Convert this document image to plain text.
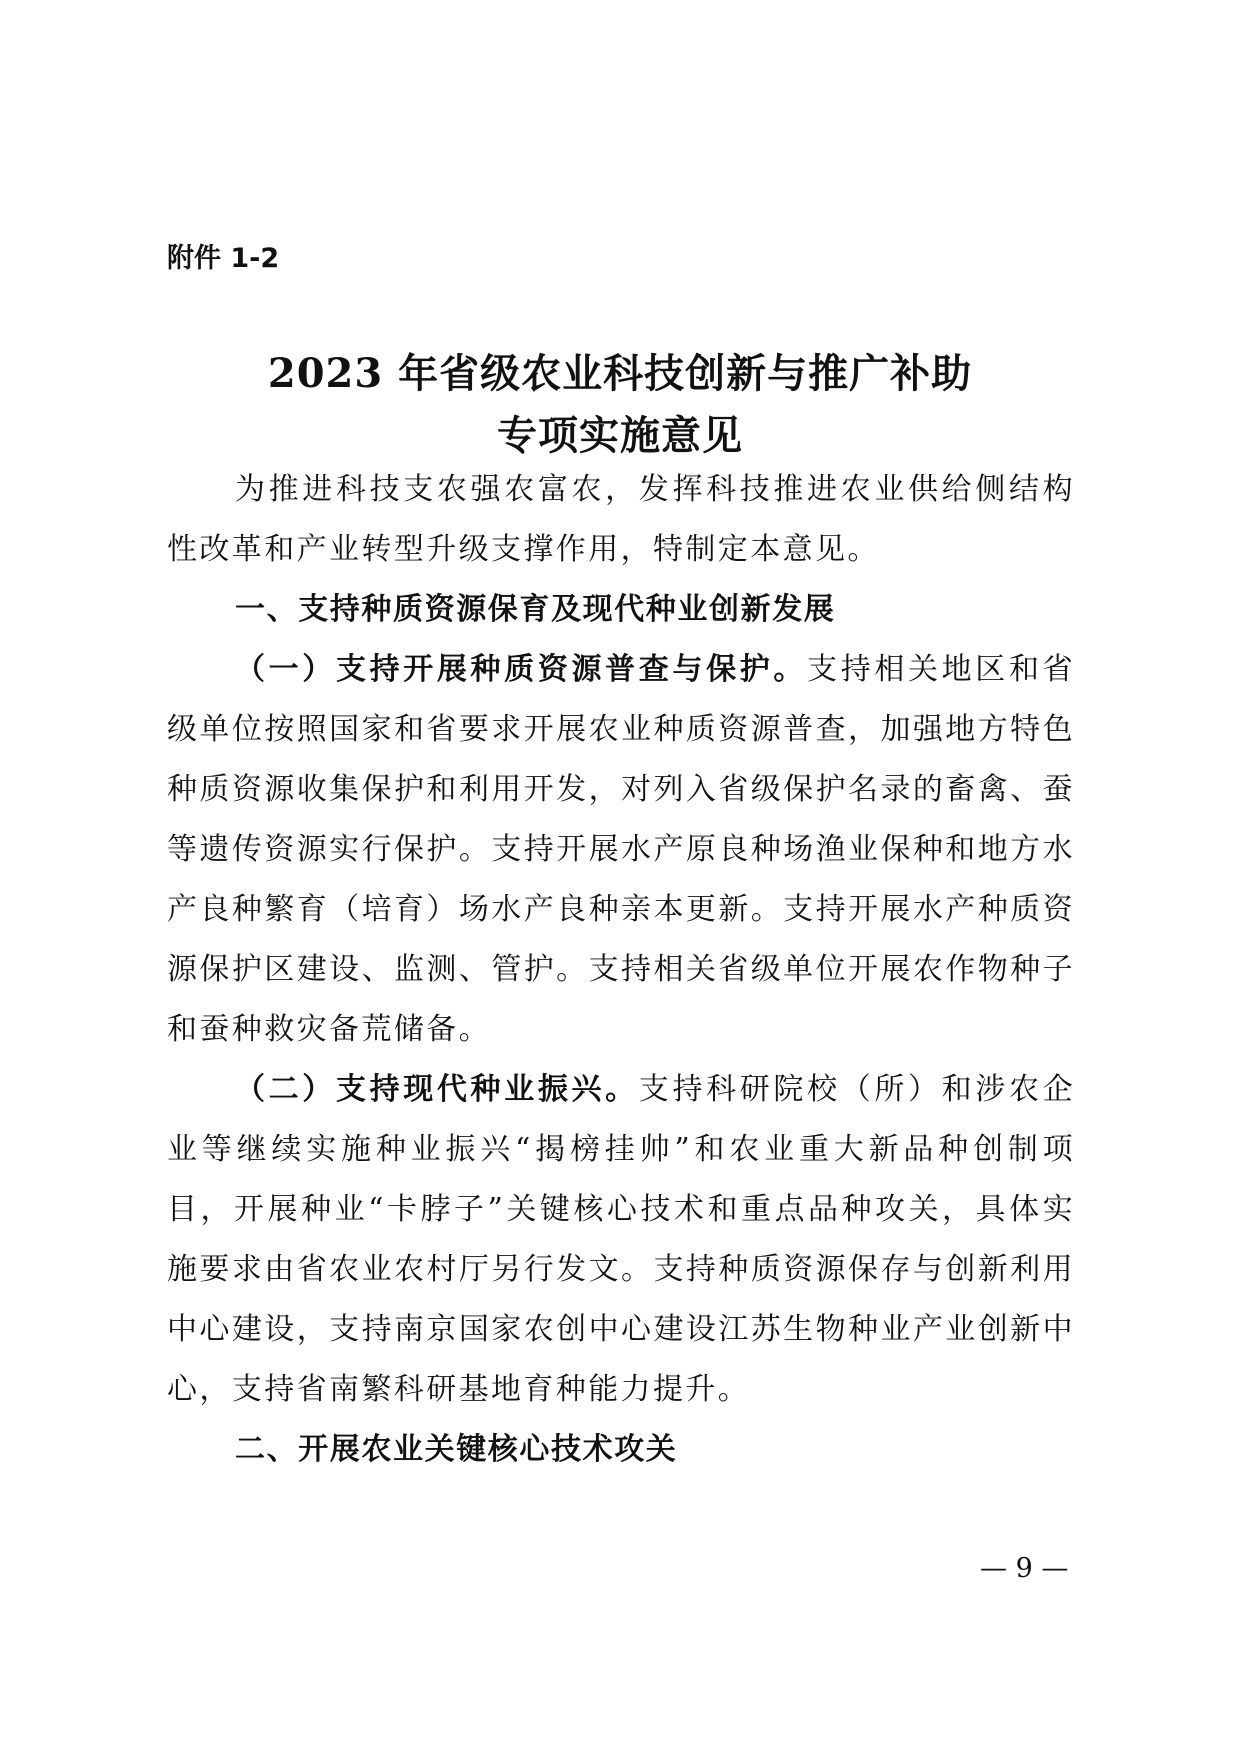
附件 1-2
2023 年省级农业科技创新与推广补助
专项实施意见

为推进科技支农强农富农，发挥科技推进农业供给侧结构性改革和产业转型升级支撑作用，特制定本意见。

一、支持种质资源保育及现代种业创新发展

（一）支持开展种质资源普查与保护。支持相关地区和省级单位按照国家和省要求开展农业种质资源普查，加强地方特色种质资源收集保护和利用开发，对列入省级保护名录的畜禽、蚕等遗传资源实行保护。支持开展水产原良种场渔业保种和地方水产良种繁育（培育）场水产良种亲本更新。支持开展水产种质资源保护区建设、监测、管护。支持相关省级单位开展农作物种子和蚕种救灾备荒储备。

（二）支持现代种业振兴。支持科研院校（所）和涉农企业等继续实施种业振兴“揭榜挂帅”和农业重大新品种创制项目，开展种业“卡脖子”关键核心技术和重点品种攻关，具体实施要求由省农业农村厅另行发文。支持种质资源保存与创新利用中心建设，支持南京国家农创中心建设江苏生物种业产业创新中心，支持省南繁科研基地育种能力提升。

二、开展农业关键核心技术攻关

— 9 —
